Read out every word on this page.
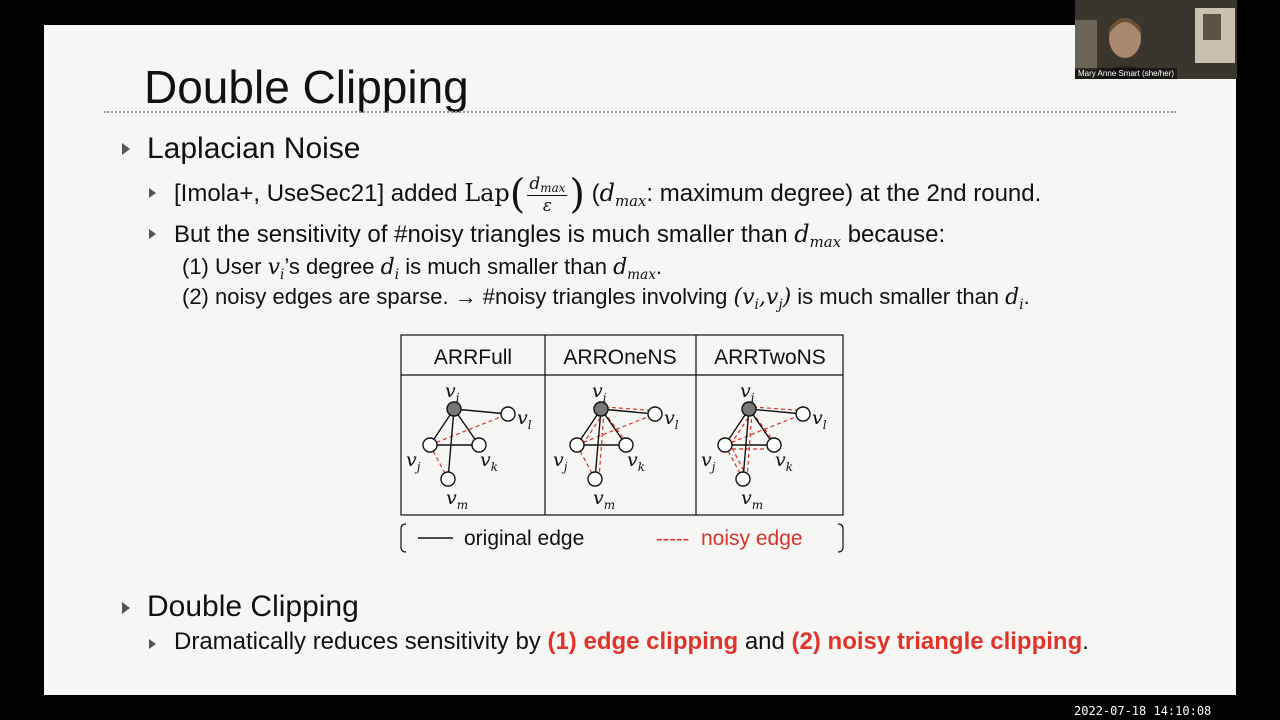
Double Clipping
Laplacian Noise
[Imola+, UseSec21] added $Lap( \frac{dmax}{\varepsilon}$ ) ($d_{max}$: maximum degree) at the 2nd round.
But the sensitivity of #noisy triangles is much smaller than $d_{max}$ because:
(1) User $v_i’s$ degree $d_i$ is much smaller than $d_{max}$.
(2) noisy edges are sparse. → #noisy triangles involving $(v_i,v_j)$ is much smaller than $d_i$.
ARRFull ARROneNS ARRTwoNS
$v_i$
$v_l$
$v_j$	$v_k$
$v_m$
$v_i$
$v_l$
$v_j$	$v_k$
$v_m$
$v_i$
$v_l$
$v_j$	$v_k$
$v_m$
original edge	----- noisy edge
Double Clipping
Dramatically reduces sensitivity by (1) edge clipping and (2) noisy triangle clipping.
Mary Anne Smart (she/her)
2022-07-18 14:10:08
